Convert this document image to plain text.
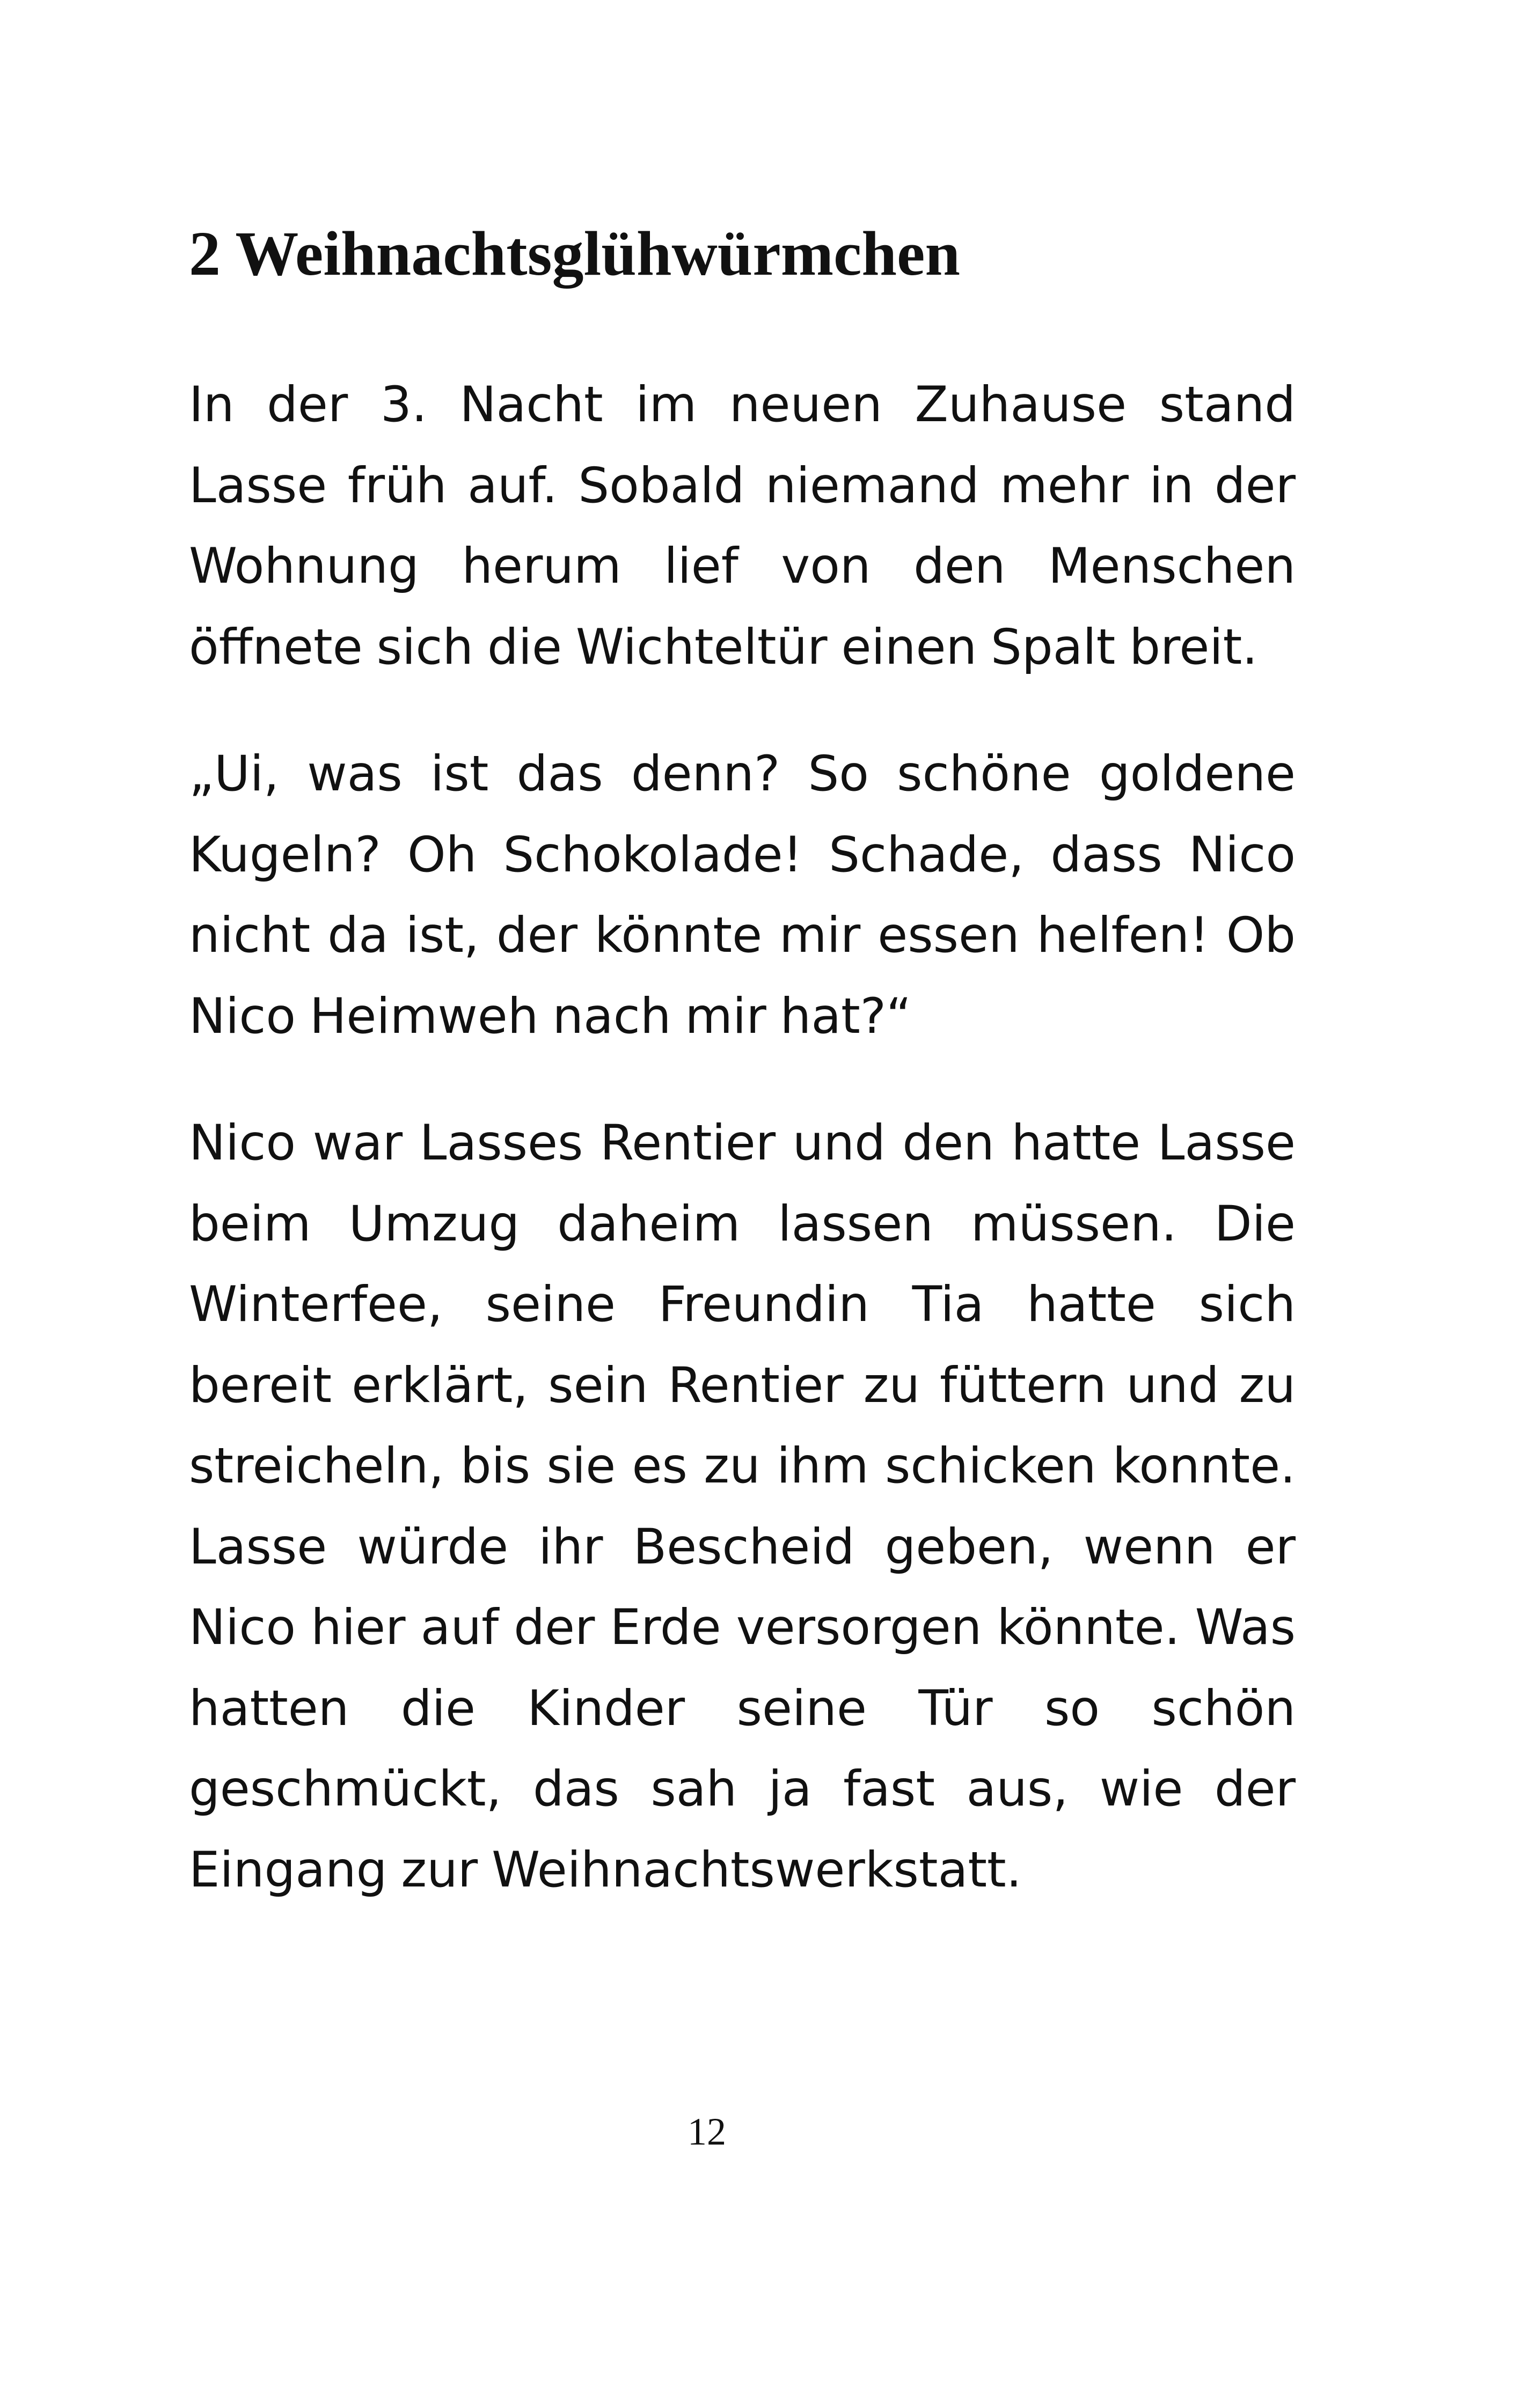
2 Weihnachtsglühwürmchen

In der 3. Nacht im neuen Zuhause stand Lasse früh auf. Sobald niemand mehr in der Wohnung herum lief von den Menschen öffnete sich die Wichteltür einen Spalt breit.

„Ui, was ist das denn? So schöne goldene Kugeln? Oh Schokolade! Schade, dass Nico nicht da ist, der könnte mir essen helfen! Ob Nico Heimweh nach mir hat?“

Nico war Lasses Rentier und den hatte Lasse beim Umzug daheim lassen müssen. Die Winterfee, seine Freundin Tia hatte sich bereit erklärt, sein Rentier zu füttern und zu streicheln, bis sie es zu ihm schicken konnte. Lasse würde ihr Bescheid geben, wenn er Nico hier auf der Erde versorgen könnte. Was hatten die Kinder seine Tür so schön geschmückt, das sah ja fast aus, wie der Eingang zur Weihnachtswerkstatt.

12
